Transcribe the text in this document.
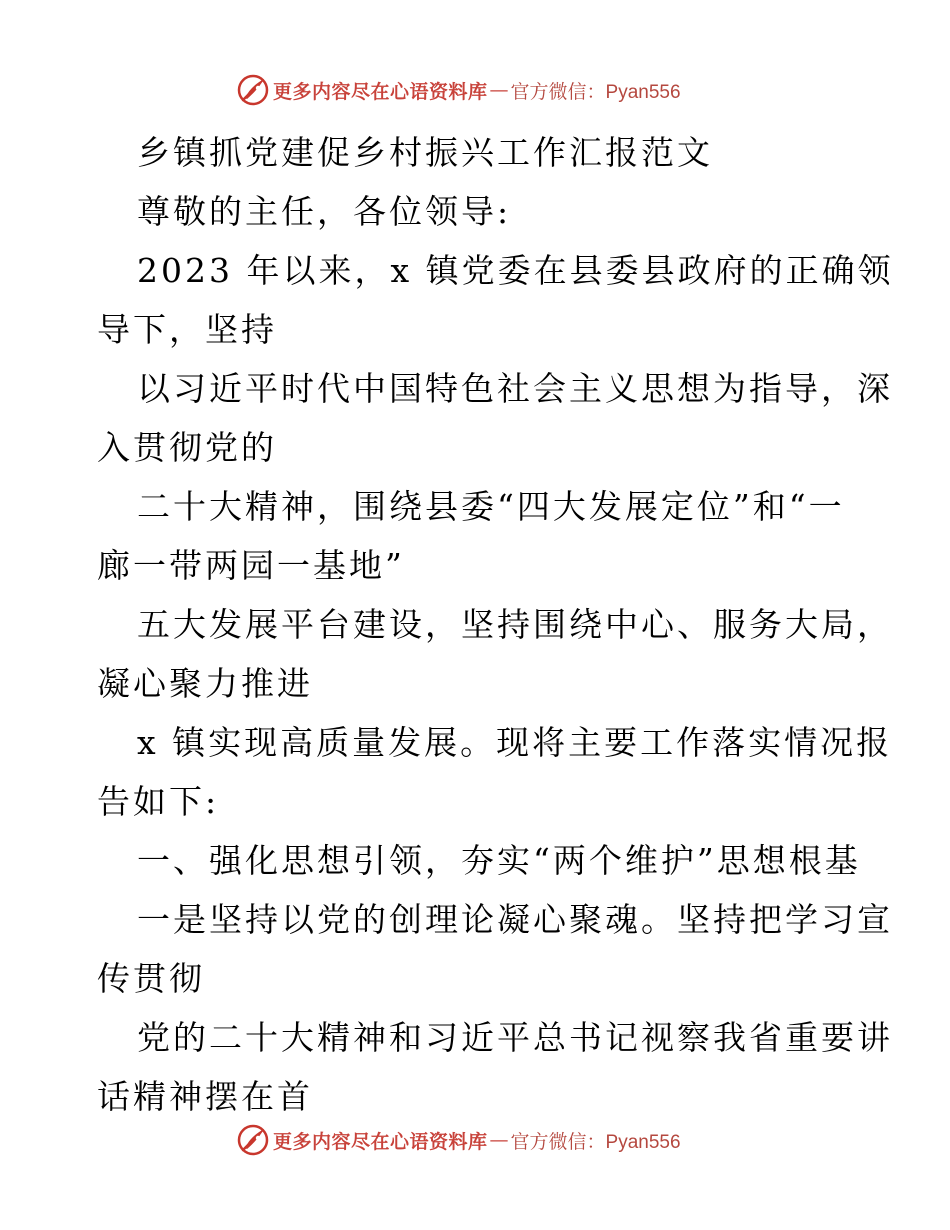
更多内容尽在心语资料库 — 官方微信：Pyan556
乡镇抓党建促乡村振兴工作汇报范文
尊敬的主任，各位领导:
2023 年以来，x 镇党委在县委县政府的正确领
导下，坚持
以习近平时代中国特色社会主义思想为指导，深
入贯彻党的
二十大精神，围绕县委“四大发展定位”和“一
廊一带两园一基地”
五大发展平台建设，坚持围绕中心、服务大局，
凝心聚力推进
x 镇实现高质量发展。现将主要工作落实情况报
告如下:
一、强化思想引领，夯实“两个维护”思想根基
一是坚持以党的创理论凝心聚魂。坚持把学习宣
传贯彻
党的二十大精神和习近平总书记视察我省重要讲
话精神摆在首
更多内容尽在心语资料库 — 官方微信：Pyan556
